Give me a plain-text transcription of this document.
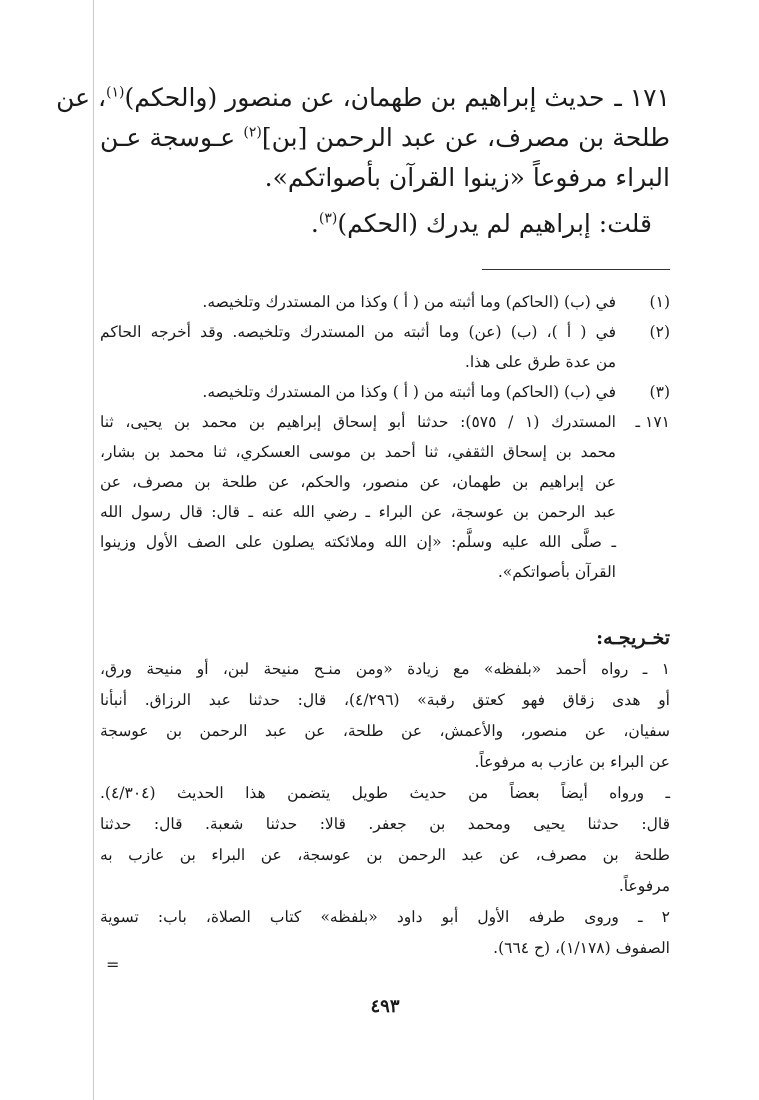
١٧١ ـ حديث إبراهيم بن طهمان، عن منصور (والحكم)$^{(١)}$، عن
طلحة بن مصرف، عن عبد الرحمن [بن]$^{(٢)}$ عـوسجة عـن
البراء مرفوعاً «زينوا القرآن بأصواتكم».
قلت: إبراهيم لم يدرك (الحكم)$^{(٣)}$.
(١)
في (ب) (الحاكم) وما أثبته من ( أ ) وكذا من المستدرك وتلخيصه.
(٢)
في ( أ )، (ب) (عن) وما أثبته من المستدرك وتلخيصه. وقد أخرجه الحاكم
من عدة طرق على هذا.
(٣)
في (ب) (الحاكم) وما أثبته من ( أ ) وكذا من المستدرك وتلخيصه.
١٧١ ـ
المستدرك (١ / ٥٧٥): حدثنا أبو إسحاق إبراهيم بن محمد بن يحيى، ثنا
محمد بن إسحاق الثقفي، ثنا أحمد بن موسى العسكري، ثنا محمد بن بشار،
عن إبراهيم بن طهمان، عن منصور، والحكم، عن طلحة بن مصرف، عن
عبد الرحمن بن عوسجة، عن البراء ـ رضي الله عنه ـ قال: قال رسول الله
ـ صلَّى الله عليه وسلَّم: «إن الله وملائكته يصلون على الصف الأول وزينوا
القرآن بأصواتكم».
تخـريجـه:
١ ـ رواه أحمد «بلفظه» مع زيادة «ومن منـح منيحة لبن، أو منيحة ورق،
أو هدى زقاق فهو كعتق رقبة» (٤/٢٩٦)، قال: حدثنا عبد الرزاق. أنبأنا
سفيان، عن منصور، والأعمش، عن طلحة، عن عبد الرحمن بن عوسجة
عن البراء بن عازب به مرفوعاً.
ـ ورواه أيضاً بعضاً من حديث طويل يتضمن هذا الحديث (٤/٣٠٤).
قال: حدثنا يحيى ومحمد بن جعفر. قالا: حدثنا شعبة. قال: حدثنا
طلحة بن مصرف، عن عبد الرحمن بن عوسجة، عن البراء بن عازب به
مرفوعاً.
٢ ـ وروى طرفه الأول أبو داود «بلفظه» كتاب الصلاة، باب: تسوية
الصفوف (١/١٧٨)، (ح ٦٦٤).
٤٩٣
=
